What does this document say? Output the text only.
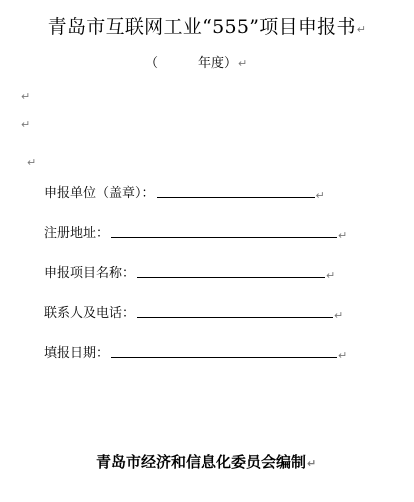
青岛市互联网工业“555”项目申报书↵
（	年度）↵
↵
↵
↵
申报单位（盖章）：	↵
注册地址：	↵
申报项目名称：	↵
联系人及电话：	↵
填报日期：	↵
青岛市经济和信息化委员会编制↵
